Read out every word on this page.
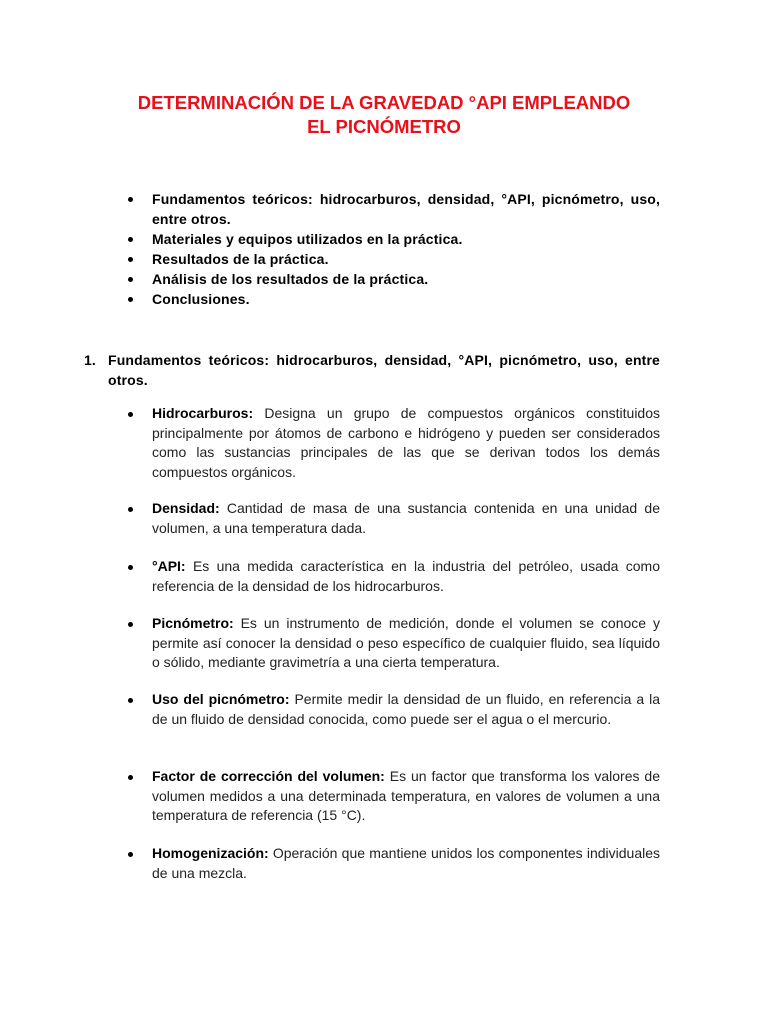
DETERMINACIÓN DE LA GRAVEDAD °API EMPLEANDO
EL PICNÓMETRO
Fundamentos teóricos: hidrocarburos, densidad, °API, picnómetro, uso, entre otros.
Materiales y equipos utilizados en la práctica.
Resultados de la práctica.
Análisis de los resultados de la práctica.
Conclusiones.
1. Fundamentos teóricos: hidrocarburos, densidad, °API, picnómetro, uso, entre otros.
Hidrocarburos: Designa un grupo de compuestos orgánicos constituidos principalmente por átomos de carbono e hidrógeno y pueden ser considerados como las sustancias principales de las que se derivan todos los demás compuestos orgánicos.
Densidad: Cantidad de masa de una sustancia contenida en una unidad de volumen, a una temperatura dada.
°API: Es una medida característica en la industria del petróleo, usada como referencia de la densidad de los hidrocarburos.
Picnómetro: Es un instrumento de medición, donde el volumen se conoce y permite así conocer la densidad o peso específico de cualquier fluido, sea líquido o sólido, mediante gravimetría a una cierta temperatura.
Uso del picnómetro: Permite medir la densidad de un fluido, en referencia a la de un fluido de densidad conocida, como puede ser el agua o el mercurio.
Factor de corrección del volumen: Es un factor que transforma los valores de volumen medidos a una determinada temperatura, en valores de volumen a una temperatura de referencia (15 °C).
Homogenización: Operación que mantiene unidos los componentes individuales de una mezcla.
